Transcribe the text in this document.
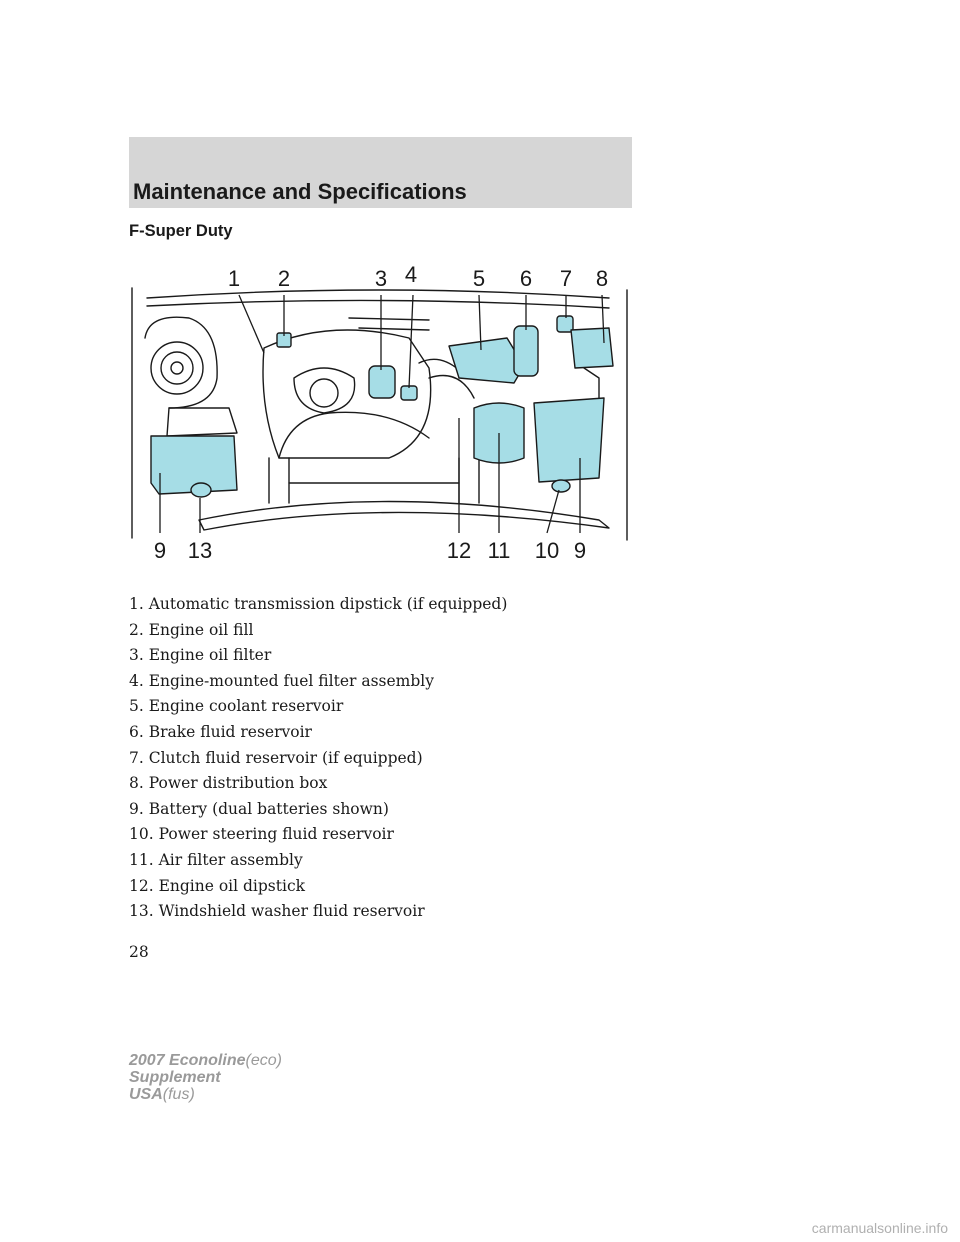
Maintenance and Specifications
F-Super Duty
1 2	3 4	5 6 7 8
9 13	12 11 10 9
1. Automatic transmission dipstick (if equipped)
2. Engine oil fill
3. Engine oil filter
4. Engine-mounted fuel filter assembly
5. Engine coolant reservoir
6. Brake fluid reservoir
7. Clutch fluid reservoir (if equipped)
8. Power distribution box
9. Battery (dual batteries shown)
10. Power steering fluid reservoir
11. Air filter assembly
12. Engine oil dipstick
13. Windshield washer fluid reservoir
28
2007 Econoline(eco)
Supplement
USA(fus)
carmanualsonline.info
